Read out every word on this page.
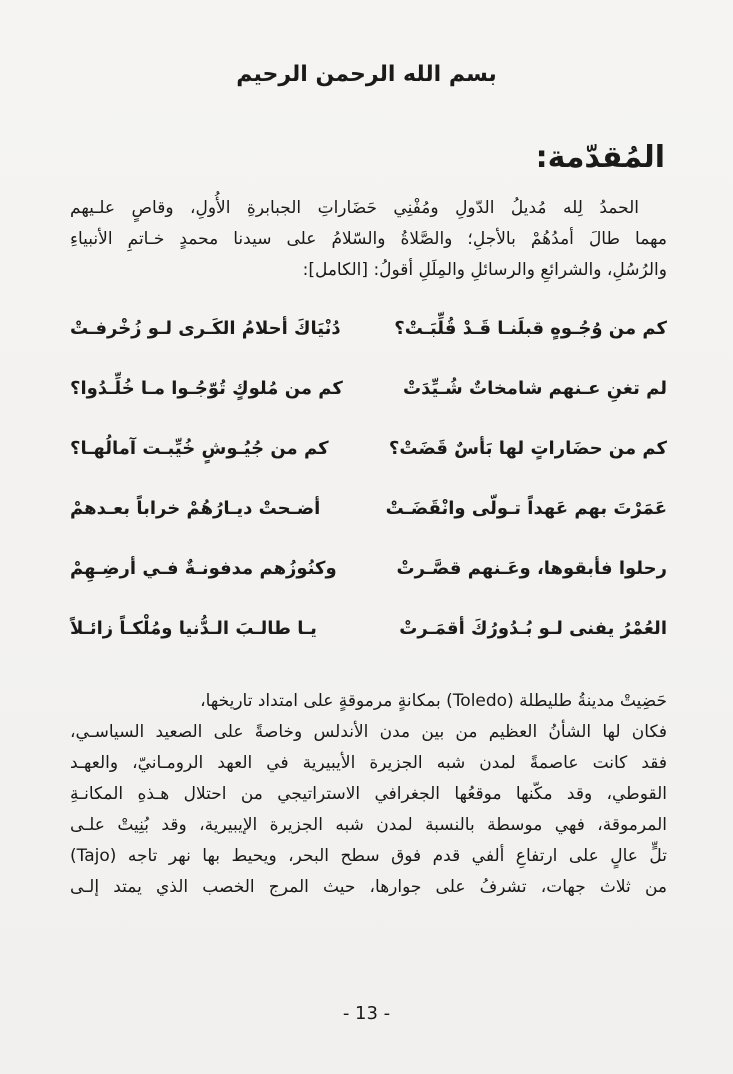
بسم الله الرحمن الرحيم
المُقدّمة:
الحمدُ لِله مُديلُ الدّولِ ومُفْنِي حَضَاراتِ الجبابرةِ الأُولِ، وقاصٍ علـيهم
مهما طالَ أمدُهُمْ بالأجلِ؛ والصَّلاةُ والسّلامُ على سيدنا محمدٍ خـاتمِ الأنبياءِ
والرُسُلِ، والشرائعِ والرسائلِ والمِلَلِ أقولُ: [الكامل]:
كم من وُجُـوهٍ قبلَنـا قَـدْ قُلِّبَـتْ؟
دُنْيَاكَ أحلامُ الكَـرى لـو زُخْرفـتْ
لم تغنِ عـنهم شامخاتٌ شُـيِّدَتْ
كم من مُلوكٍ تُوّجُـوا مـا خُلِّـدُوا؟
كم من حضَاراتٍ لها بَأسٌ قَضَتْ؟
كم من جُيُـوشٍ خُيِّبـت آمالُهـا؟
عَمَرْتَ بهم عَهداً تـولّى وانْقَضَـتْ
أضـحتْ ديـارُهُمْ خراباً بعـدهمْ
رحلوا فأبقوها، وعَـنهم قصَّـرتْ
وكنُوزُهم مدفونـةٌ فـي أرضِـهِمْ
العُمْرُ يفنى لـو بُـدُورُكَ أقمَـرتْ
يـا طالـبَ الـدُّنيا ومُلْكـاً زائـلاً
حَضِيتْ مدينةُ طليطلة (Toledo) بمكانةٍ مرموقةٍ على امتداد تاريخها،
فكان لها الشأنُ العظيم من بين مدن الأندلس وخاصةً على الصعيد السياسـي،
فقد كانت عاصمةً لمدن شبه الجزيرة الأيبيرية في العهد الرومـانيّ، والعهـد
القوطي، وقد مكّنها موقعُها الجغرافي الاستراتيجي من احتلال هـذهِ المكانـةِ
المرموقة، فهي موسطة بالنسبة لمدن شبه الجزيرة الإيبيرية، وقد بُنِيتْ علـى
تلٍّ عالٍ على ارتفاعِ ألفي قدم فوق سطح البحر، ويحيط بها نهر تاجه (Tajo)
من ثلاث جهات، تشرفُ على جوارها، حيث المرج الخصب الذي يمتد إلـى
- 13 -
